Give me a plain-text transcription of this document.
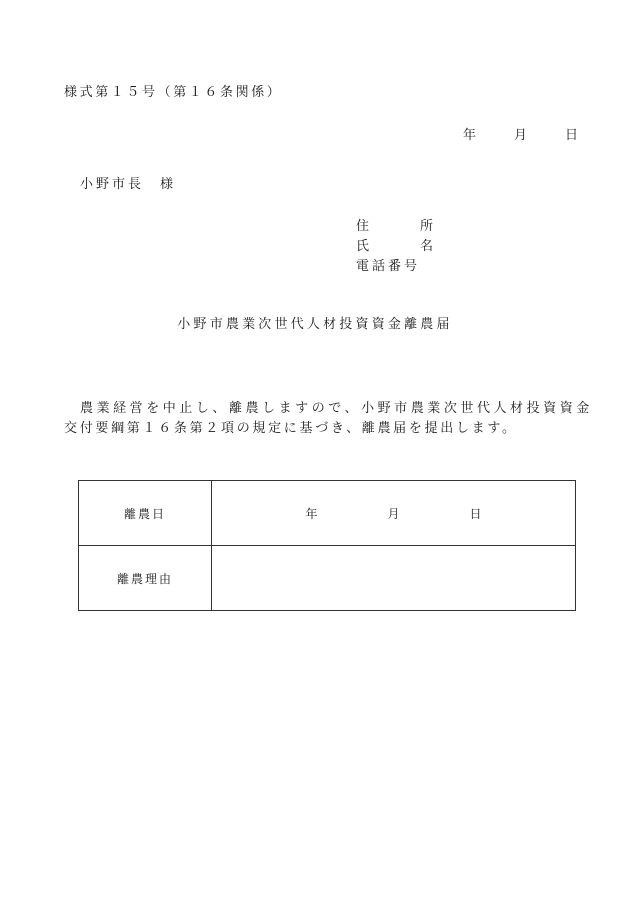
様式第１５号（第１６条関係）
年	月	日
小野市長 様
住	所
氏	名
電話番号
小野市農業次世代人材投資資金離農届
農業経営を中止し、離農しますので、小野市農業次世代人材投資資金
交付要綱第１６条第２項の規定に基づき、離農届を提出します。
離農日	年 月 日
離農理由	
